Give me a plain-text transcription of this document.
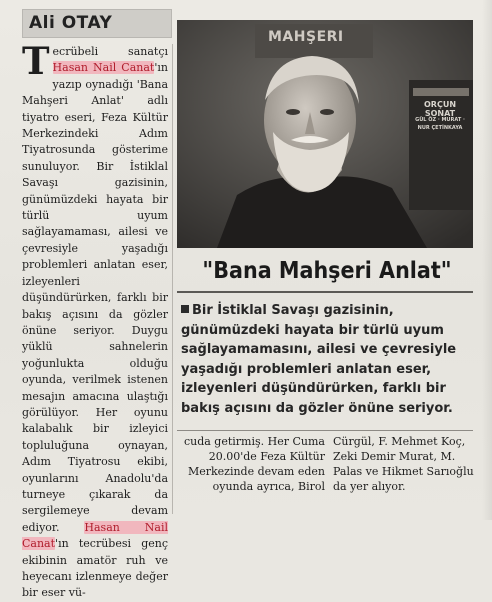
Ali OTAY
T ecrübeli sanatçı Hasan Nail Canat'ın yazıp oynadığı 'Bana Mahşeri Anlat' adlı tiyatro eseri, Feza Kültür Merkezindeki Adım Tiyatrosunda gösterime sunuluyor. Bir İstiklal Savaşı gazisinin, günümüzdeki hayata bir türlü uyum sağlayamaması, ailesi ve çevresiyle yaşadığı problemleri anlatan eser, izleyenleri düşündürürken, farklı bir bakış açısını da gözler önüne seriyor. Duygu yüklü sahnelerin yoğunlukta olduğu oyunda, verilmek istenen mesajın amacına ulaştığı görülüyor. Her oyunu kalabalık bir izleyici topluluğuna oynayan, Adım Tiyatrosu ekibi, oyunlarını Anadolu'da turneye çıkarak da sergilemeye devam ediyor. Hasan Nail Canat'ın tecrübesi genç ekibinin amatör ruh ve heyecanı izlenmeye değer bir eser vü-
MAHŞERI
ORÇUN SONAT
GÜL ÖZ · MURAT · NUR ÇETİNKAYA
"Bana Mahşeri Anlat"
Bir İstiklal Savaşı gazisinin, günümüzdeki hayata bir türlü uyum sağlayamamasını, ailesi ve çevresiyle yaşadığı problemleri anlatan eser, izleyenleri düşündürürken, farklı bir bakış açısını da gözler önüne seriyor.
cuda getirmiş. Her Cuma 20.00'de Feza Kültür Merkezinde devam eden oyunda ayrıca, Birol
Cürgül, F. Mehmet Koç, Zeki Demir Murat, M. Palas ve Hikmet Sarıoğlu da yer alıyor.
